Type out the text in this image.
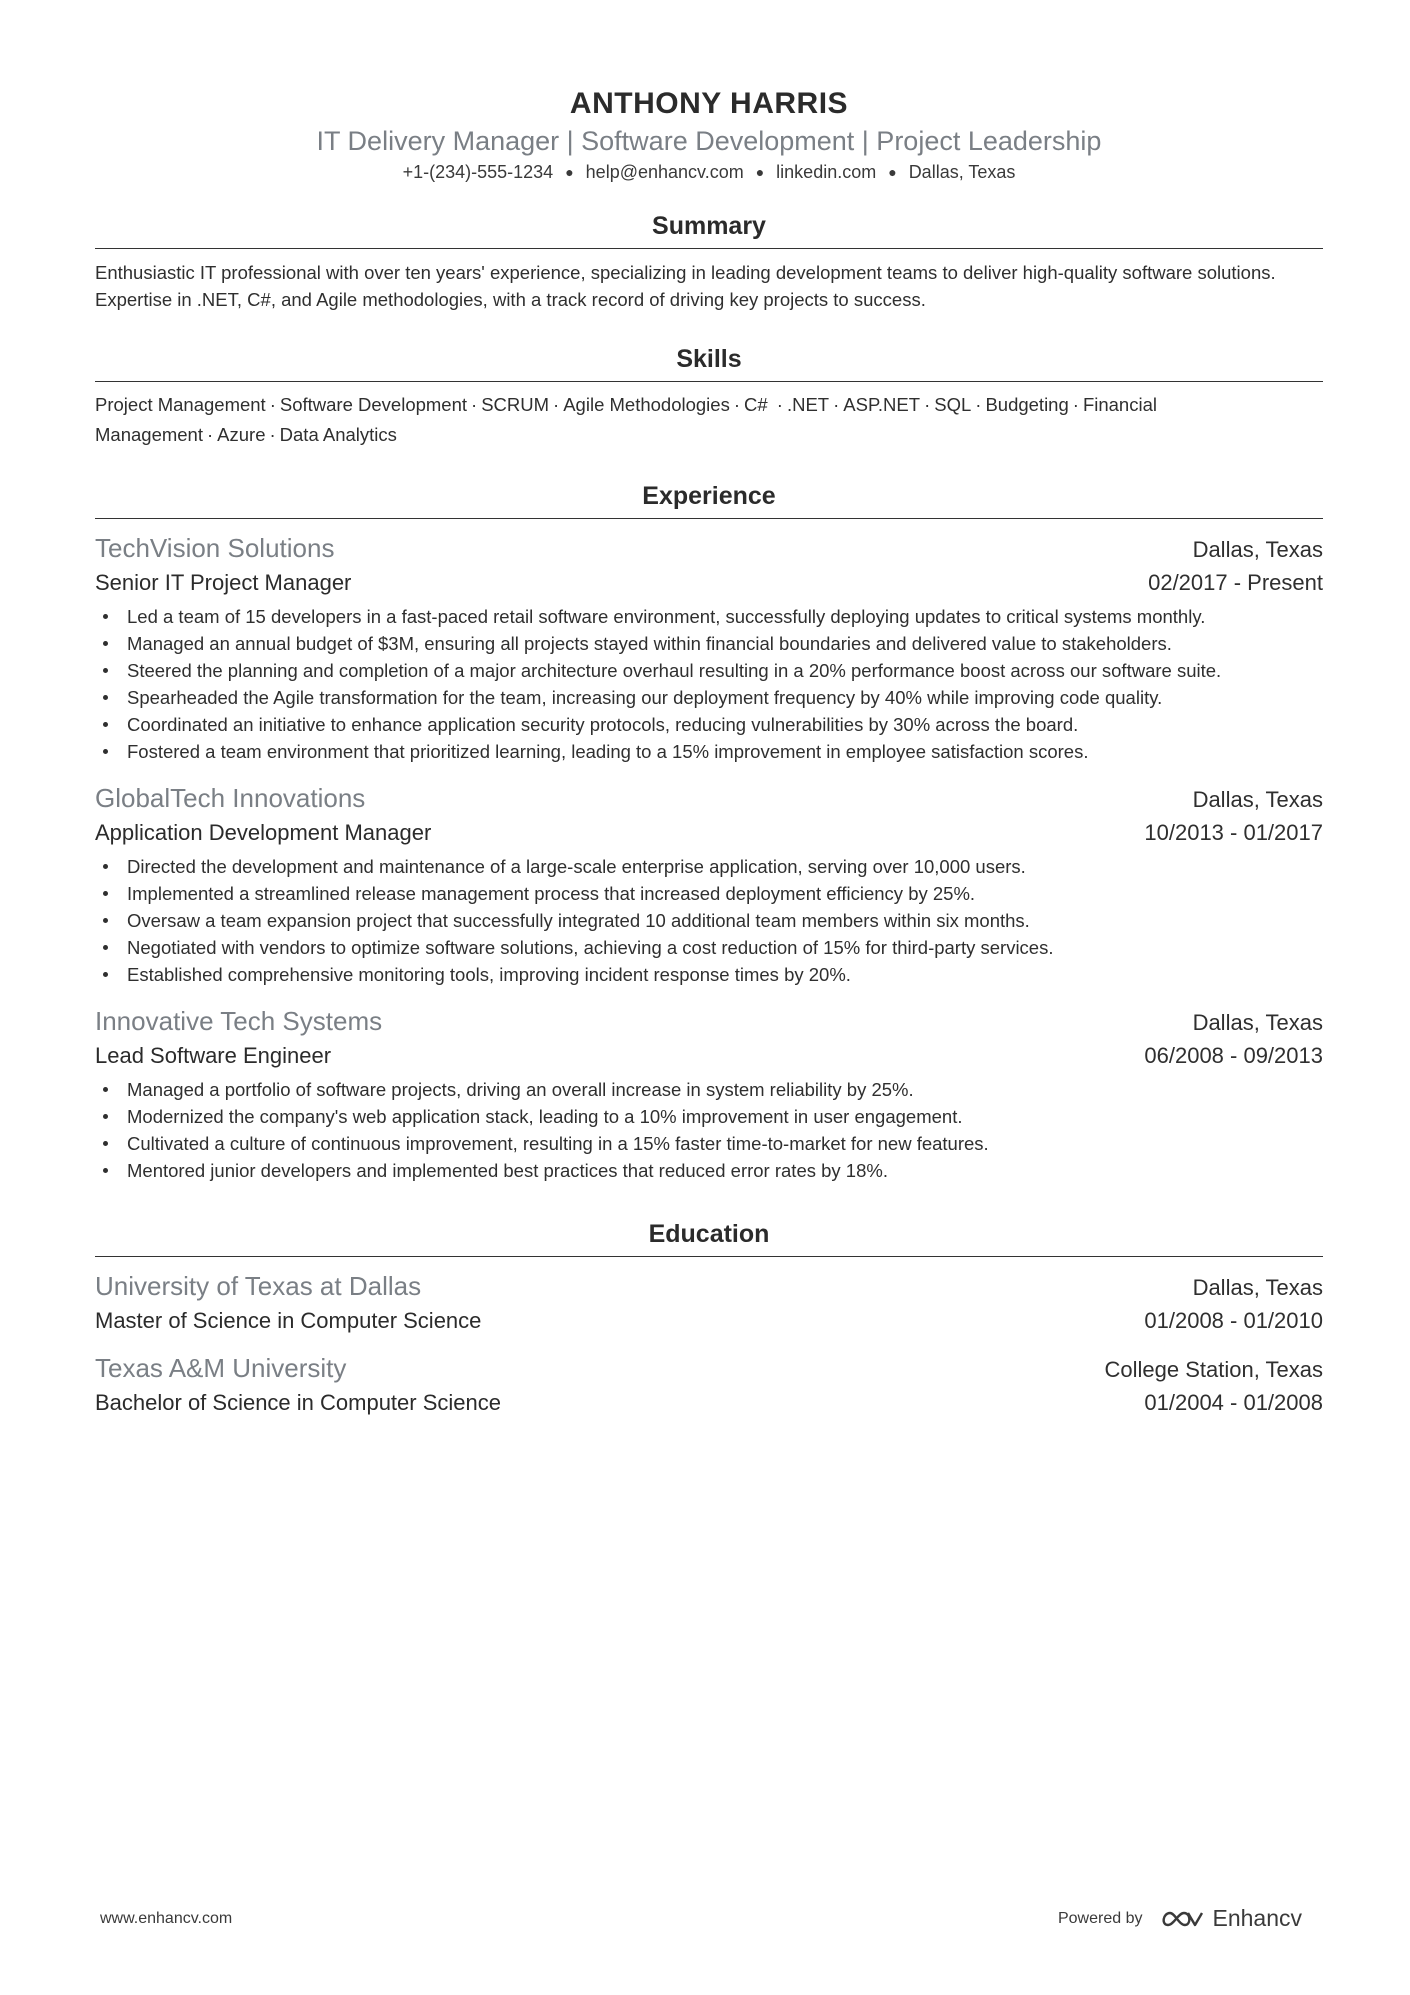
ANTHONY HARRIS
IT Delivery Manager | Software Development | Project Leadership
+1-(234)-555-1234 ● help@enhancv.com ● linkedin.com ● Dallas, Texas
Summary
Enthusiastic IT professional with over ten years' experience, specializing in leading development teams to deliver high-quality software solutions. Expertise in .NET, C#, and Agile methodologies, with a track record of driving key projects to success.
Skills
Project Management · Software Development · SCRUM · Agile Methodologies · C# · .NET · ASP.NET · SQL · Budgeting · Financial Management · Azure · Data Analytics
Experience
TechVision Solutions	Dallas, Texas
Senior IT Project Manager	02/2017 - Present
Led a team of 15 developers in a fast-paced retail software environment, successfully deploying updates to critical systems monthly.
Managed an annual budget of $3M, ensuring all projects stayed within financial boundaries and delivered value to stakeholders.
Steered the planning and completion of a major architecture overhaul resulting in a 20% performance boost across our software suite.
Spearheaded the Agile transformation for the team, increasing our deployment frequency by 40% while improving code quality.
Coordinated an initiative to enhance application security protocols, reducing vulnerabilities by 30% across the board.
Fostered a team environment that prioritized learning, leading to a 15% improvement in employee satisfaction scores.
GlobalTech Innovations	Dallas, Texas
Application Development Manager	10/2013 - 01/2017
Directed the development and maintenance of a large-scale enterprise application, serving over 10,000 users.
Implemented a streamlined release management process that increased deployment efficiency by 25%.
Oversaw a team expansion project that successfully integrated 10 additional team members within six months.
Negotiated with vendors to optimize software solutions, achieving a cost reduction of 15% for third-party services.
Established comprehensive monitoring tools, improving incident response times by 20%.
Innovative Tech Systems	Dallas, Texas
Lead Software Engineer	06/2008 - 09/2013
Managed a portfolio of software projects, driving an overall increase in system reliability by 25%.
Modernized the company's web application stack, leading to a 10% improvement in user engagement.
Cultivated a culture of continuous improvement, resulting in a 15% faster time-to-market for new features.
Mentored junior developers and implemented best practices that reduced error rates by 18%.
Education
University of Texas at Dallas	Dallas, Texas
Master of Science in Computer Science	01/2008 - 01/2010
Texas A&M University	College Station, Texas
Bachelor of Science in Computer Science	01/2004 - 01/2008
www.enhancv.com	Powered by	Enhancv
